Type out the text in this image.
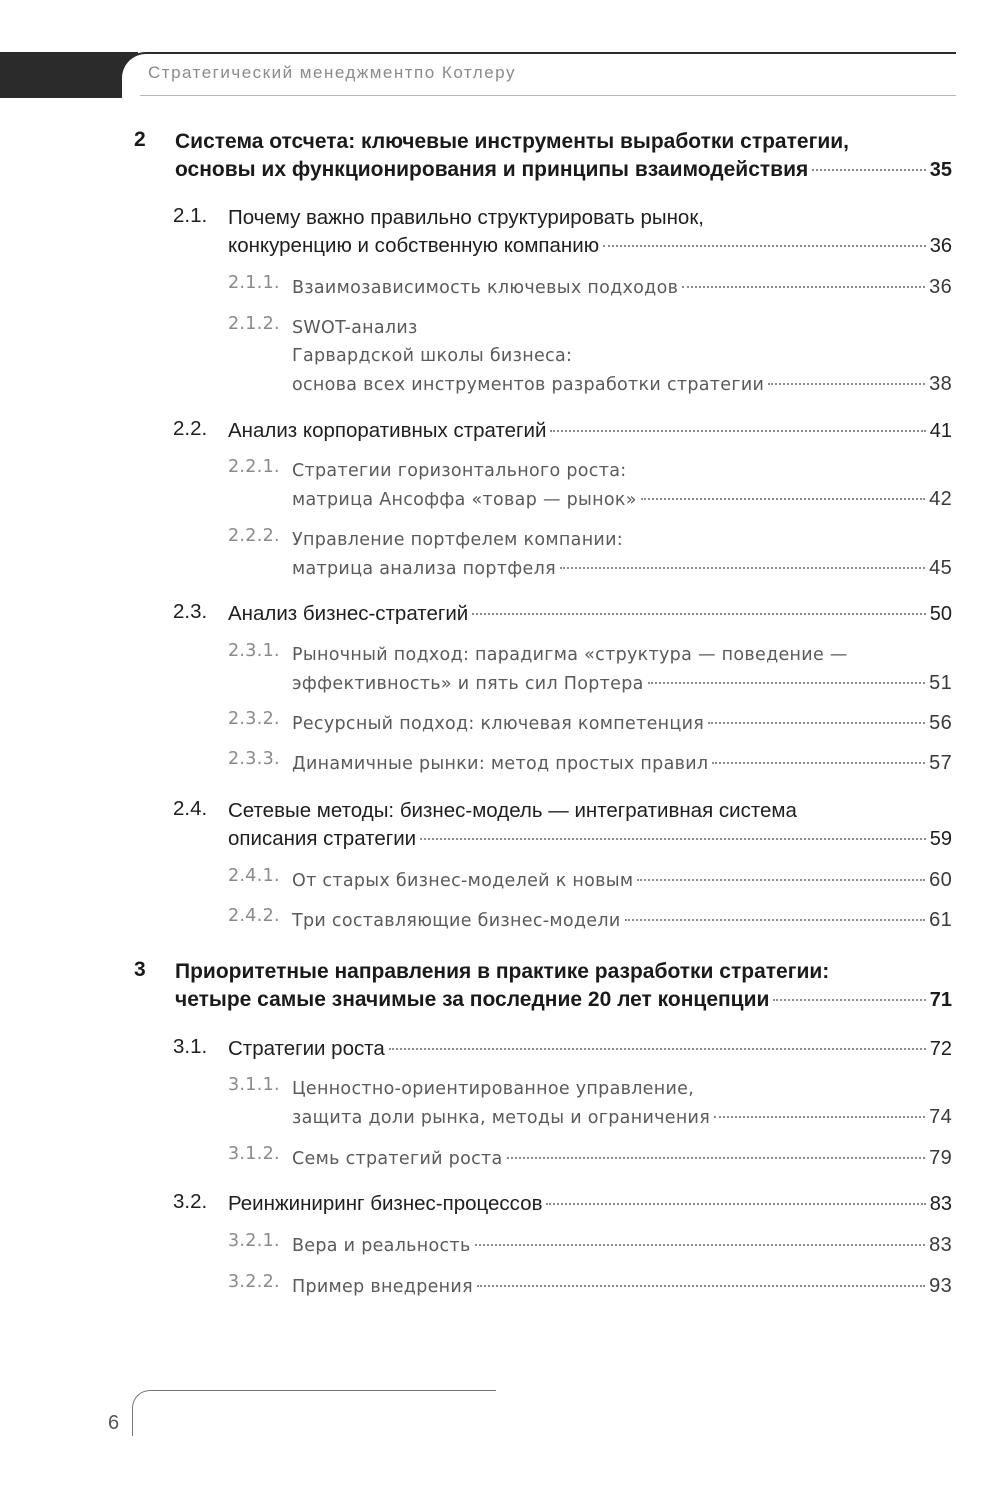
Стратегический менеджментпо Котлеру
2 Система отсчета: ключевые инструменты выработки стратегии,
основы их функционирования и принципы взаимодействия	35
2.1. Почему важно правильно структурировать рынок,
конкуренцию и собственную компанию	36
2.1.1. Взаимозависимость ключевых подходов	36
2.1.2. SWOT-анализ
Гарвардской школы бизнеса:
основа всех инструментов разработки стратегии	38
2.2. Анализ корпоративных стратегий	41
2.2.1. Стратегии горизонтального роста:
матрица Ансоффа «товар — рынок»	42
2.2.2. Управление портфелем компании:
матрица анализа портфеля	45
2.3. Анализ бизнес-стратегий	50
2.3.1. Рыночный подход: парадигма «структура — поведение —
эффективность» и пять сил Портера	51
2.3.2. Ресурсный подход: ключевая компетенция	56
2.3.3. Динамичные рынки: метод простых правил	57
2.4. Сетевые методы: бизнес-модель — интегративная система
описания стратегии	59
2.4.1. От старых бизнес-моделей к новым	60
2.4.2. Три составляющие бизнес-модели	61
3 Приоритетные направления в практике разработки стратегии:
четыре самые значимые за последние 20 лет концепции	71
3.1. Стратегии роста	72
3.1.1. Ценностно-ориентированное управление,
защита доли рынка, методы и ограничения	74
3.1.2. Семь стратегий роста	79
3.2. Реинжиниринг бизнес-процессов	83
3.2.1. Вера и реальность	83
3.2.2. Пример внедрения	93
6
